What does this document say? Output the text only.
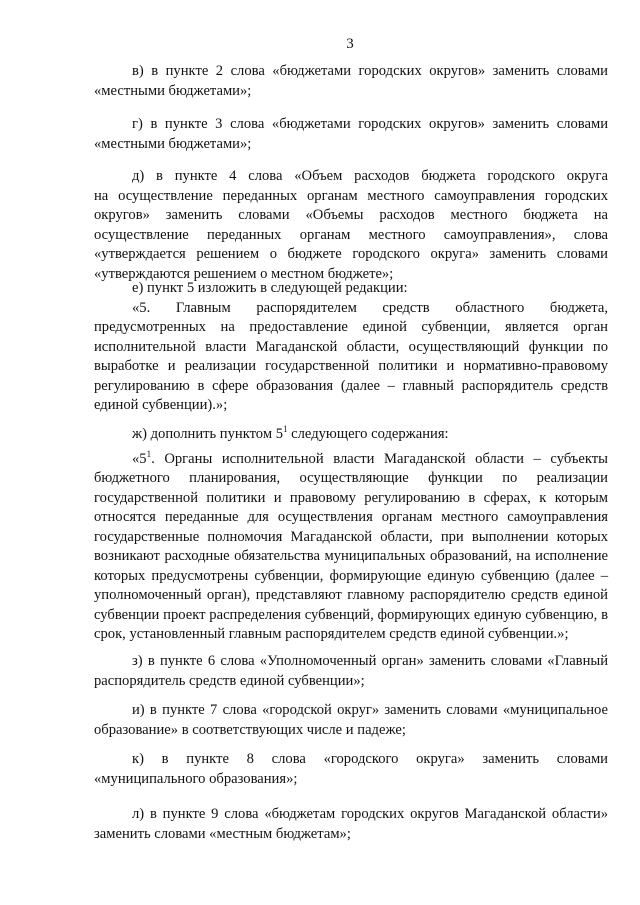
3
в) в пункте 2 слова «бюджетами городских округов» заменить словами
«местными бюджетами»;
г) в пункте 3 слова «бюджетами городских округов» заменить словами
«местными бюджетами»;
д) в пункте 4 слова «Объем расходов бюджета городского округа
на осуществление переданных органам местного самоуправления городских округов» заменить словами «Объемы расходов местного бюджета на осуществление переданных органам местного самоуправления», слова «утверждается решением о бюджете городского округа» заменить словами «утверждаются решением о местном бюджете»;
е) пункт 5 изложить в следующей редакции:
«5. Главным распорядителем средств областного бюджета,
предусмотренных на предоставление единой субвенции, является орган исполнительной власти Магаданской области, осуществляющий функции по выработке и реализации государственной политики и нормативно-правовому регулированию в сфере образования (далее – главный распорядитель средств единой субвенции).»;
ж) дополнить пунктом $5^1$ следующего содержания:
«$5^1$. Органы исполнительной власти Магаданской области – субъекты
бюджетного планирования, осуществляющие функции по реализации государственной политики и правовому регулированию в сферах, к которым относятся переданные для осуществления органам местного самоуправления государственные полномочия Магаданской области, при выполнении которых возникают расходные обязательства муниципальных образований, на исполнение которых предусмотрены субвенции, формирующие единую субвенцию (далее – уполномоченный орган), представляют главному распорядителю средств единой субвенции проект распределения субвенций, формирующих единую субвенцию, в срок, установленный главным распорядителем средств единой субвенции.»;
з) в пункте 6 слова «Уполномоченный орган» заменить словами «Главный
распорядитель средств единой субвенции»;
и) в пункте 7 слова «городской округ» заменить словами «муниципальное
образование» в соответствующих числе и падеже;
к) в пункте 8 слова «городского округа» заменить словами
«муниципального образования»;
л) в пункте 9 слова «бюджетам городских округов Магаданской области»
заменить словами «местным бюджетам»;
